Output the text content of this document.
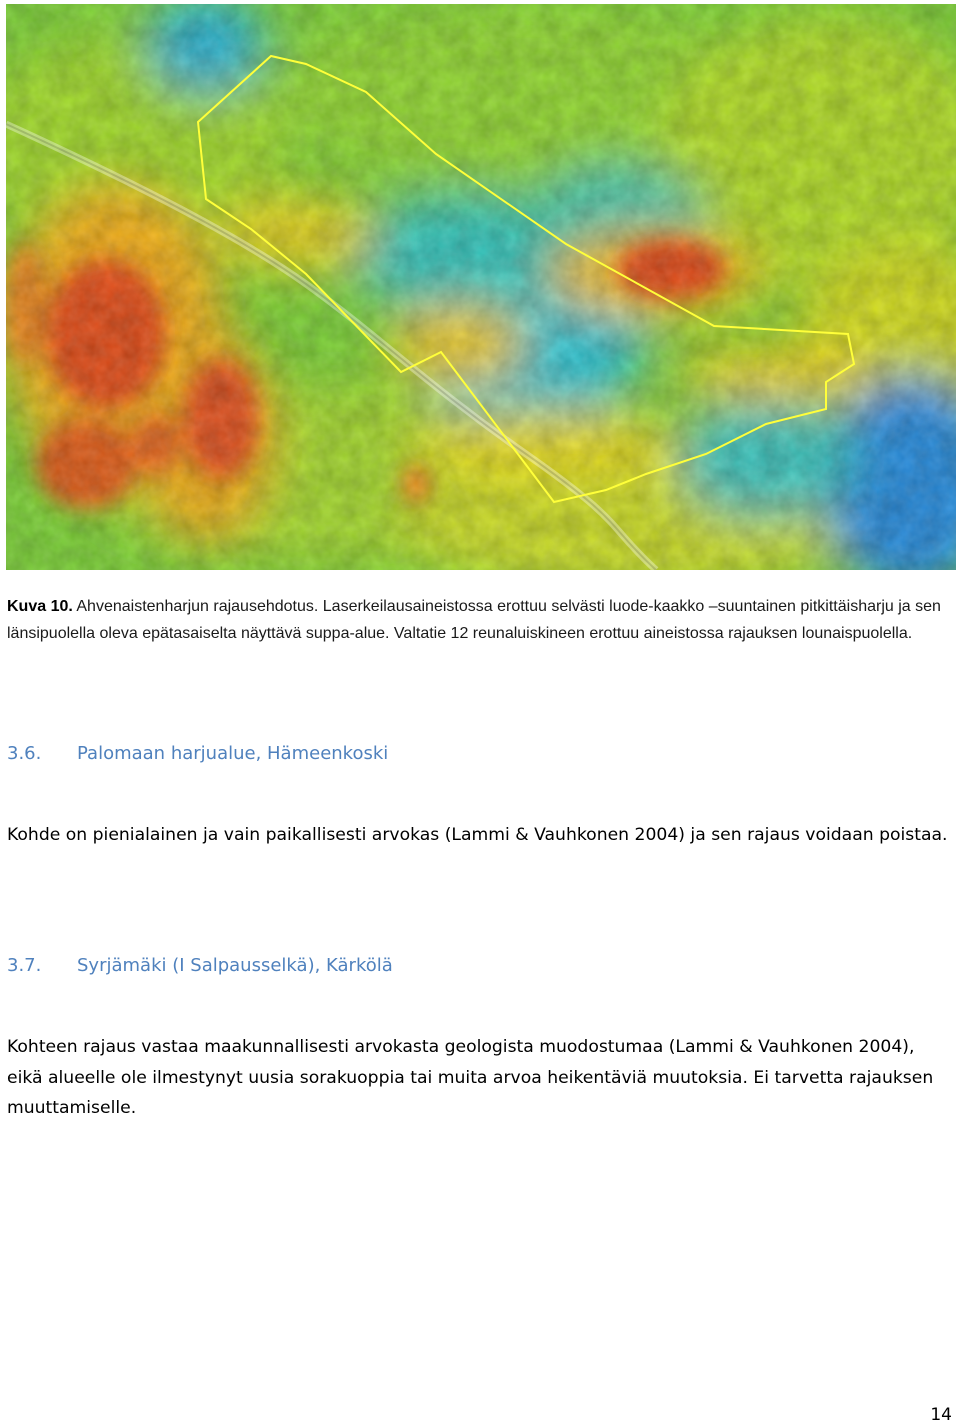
Kuva 10. Ahvenaistenharjun rajausehdotus. Laserkeilausaineistossa erottuu selvästi luode-kaakko –suuntainen pitkittäisharju ja sen länsipuolella oleva epätasaiselta näyttävä suppa-alue. Valtatie 12 reunaluiskineen erottuu aineistossa rajauksen lounaispuolella.
3.6. Palomaan harjualue, Hämeenkoski

Kohde on pienialainen ja vain paikallisesti arvokas (Lammi & Vauhkonen 2004) ja sen rajaus voidaan poistaa.

3.7. Syrjämäki (I Salpausselkä), Kärkölä

Kohteen rajaus vastaa maakunnallisesti arvokasta geologista muodostumaa (Lammi & Vauhkonen 2004), eikä alueelle ole ilmestynyt uusia sorakuoppia tai muita arvoa heikentäviä muutoksia. Ei tarvetta rajauksen muuttamiselle.

14
